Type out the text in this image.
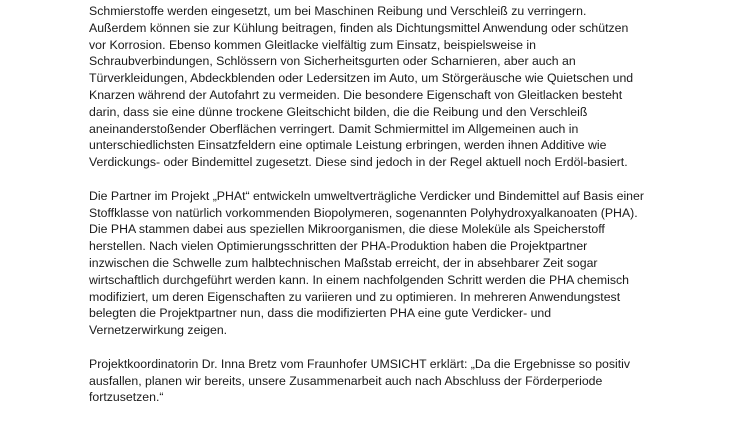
Schmierstoffe werden eingesetzt, um bei Maschinen Reibung und Verschleiß zu verringern.
Außerdem können sie zur Kühlung beitragen, finden als Dichtungsmittel Anwendung oder schützen
vor Korrosion. Ebenso kommen Gleitlacke vielfältig zum Einsatz, beispielsweise in
Schraubverbindungen, Schlössern von Sicherheitsgurten oder Scharnieren, aber auch an
Türverkleidungen, Abdeckblenden oder Ledersitzen im Auto, um Störgeräusche wie Quietschen und
Knarzen während der Autofahrt zu vermeiden. Die besondere Eigenschaft von Gleitlacken besteht
darin, dass sie eine dünne trockene Gleitschicht bilden, die die Reibung und den Verschleiß
aneinanderstoßender Oberflächen verringert. Damit Schmiermittel im Allgemeinen auch in
unterschiedlichsten Einsatzfeldern eine optimale Leistung erbringen, werden ihnen Additive wie
Verdickungs- oder Bindemittel zugesetzt. Diese sind jedoch in der Regel aktuell noch Erdöl-basiert.
Die Partner im Projekt „PHAt“ entwickeln umweltverträgliche Verdicker und Bindemittel auf Basis einer
Stoffklasse von natürlich vorkommenden Biopolymeren, sogenannten Polyhydroxyalkanoaten (PHA).
Die PHA stammen dabei aus speziellen Mikroorganismen, die diese Moleküle als Speicherstoff
herstellen. Nach vielen Optimierungsschritten der PHA-Produktion haben die Projektpartner
inzwischen die Schwelle zum halbtechnischen Maßstab erreicht, der in absehbarer Zeit sogar
wirtschaftlich durchgeführt werden kann. In einem nachfolgenden Schritt werden die PHA chemisch
modifiziert, um deren Eigenschaften zu variieren und zu optimieren. In mehreren Anwendungstest
belegten die Projektpartner nun, dass die modifizierten PHA eine gute Verdicker- und
Vernetzerwirkung zeigen.
Projektkoordinatorin Dr. Inna Bretz vom Fraunhofer UMSICHT erklärt: „Da die Ergebnisse so positiv
ausfallen, planen wir bereits, unsere Zusammenarbeit auch nach Abschluss der Förderperiode
fortzusetzen.“
